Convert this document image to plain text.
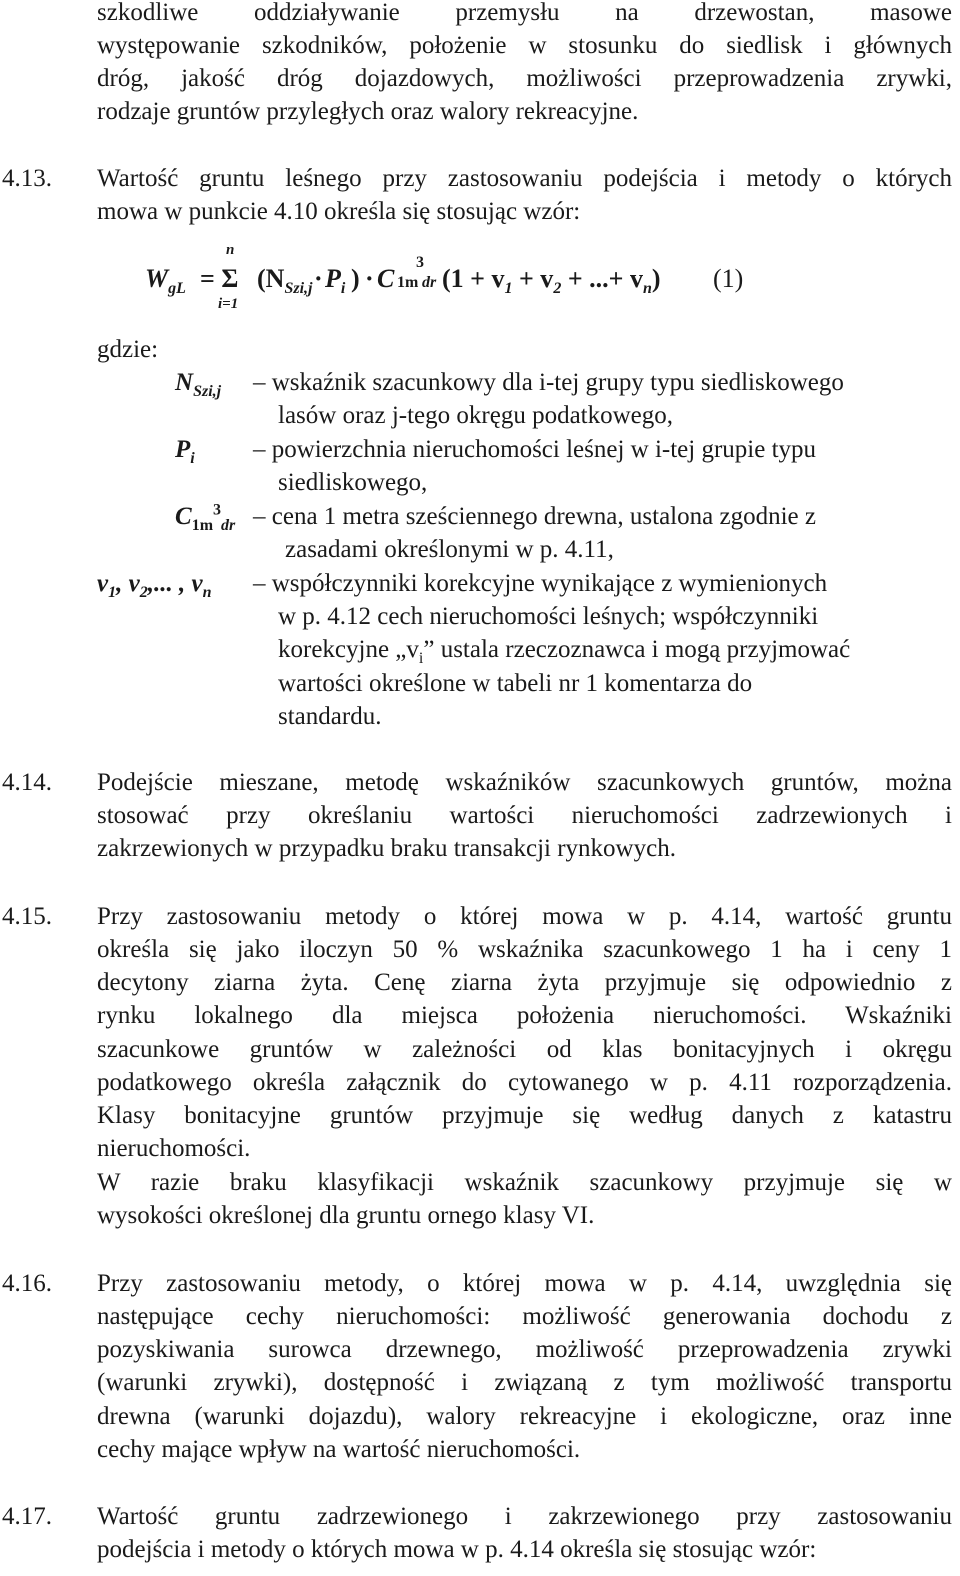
szkodliwe oddziaływanie przemysłu na drzewostan, masowe
występowanie szkodników, położenie w stosunku do siedlisk i głównych
dróg, jakość dróg dojazdowych, możliwości przeprowadzenia zrywki,
rodzaje gruntów przyległych oraz walory rekreacyjne.
4.13. Wartość gruntu leśnego przy zastosowaniu podejścia i metody o których
mowa w punkcie 4.10 określa się stosując wzór:
$W_{gL} = \Sigma$
n
i=1
($N_{Szi,j} \cdot P_i$ ) · C 1m
3
dr ($1 + v_1 + v_2$ + ...+ $v_n$) (1)
gdzie:
$N_{Szi,j}$ – wskaźnik szacunkowy dla i-tej grupy typu siedliskowego
lasów oraz j-tego okręgu podatkowego,
$P_i$ – powierzchnia nieruchomości leśnej w i-tej grupie typu
siedliskowego,
$C_{1m}^3_{dr}$ – cena 1 metra sześciennego drewna, ustalona zgodnie z
zasadami określonymi w p. 4.11,
$v_1$, $v_2$,... , $v_n$ – współczynniki korekcyjne wynikające z wymienionych
w p. 4.12 cech nieruchomości leśnych; współczynniki
korekcyjne $„v_i$” ustala rzeczoznawca i mogą przyjmować
wartości określone w tabeli nr 1 komentarza do
standardu.
4.14. Podejście mieszane, metodę wskaźników szacunkowych gruntów, można
stosować przy określaniu wartości nieruchomości zadrzewionych i
zakrzewionych w przypadku braku transakcji rynkowych.
4.15. Przy zastosowaniu metody o której mowa w p. 4.14, wartość gruntu
określa się jako iloczyn 50 % wskaźnika szacunkowego 1 ha i ceny 1
decytony ziarna żyta. Cenę ziarna żyta przyjmuje się odpowiednio z
rynku lokalnego dla miejsca położenia nieruchomości. Wskaźniki
szacunkowe gruntów w zależności od klas bonitacyjnych i okręgu
podatkowego określa załącznik do cytowanego w p. 4.11 rozporządzenia.
Klasy bonitacyjne gruntów przyjmuje się według danych z katastru
nieruchomości.
W razie braku klasyfikacji wskaźnik szacunkowy przyjmuje się w
wysokości określonej dla gruntu ornego klasy VI.
4.16. Przy zastosowaniu metody, o której mowa w p. 4.14, uwzględnia się
następujące cechy nieruchomości: możliwość generowania dochodu z
pozyskiwania surowca drzewnego, możliwość przeprowadzenia zrywki
(warunki zrywki), dostępność i związaną z tym możliwość transportu
drewna (warunki dojazdu), walory rekreacyjne i ekologiczne, oraz inne
cechy mające wpływ na wartość nieruchomości.
4.17. Wartość gruntu zadrzewionego i zakrzewionego przy zastosowaniu
podejścia i metody o których mowa w p. 4.14 określa się stosując wzór:
